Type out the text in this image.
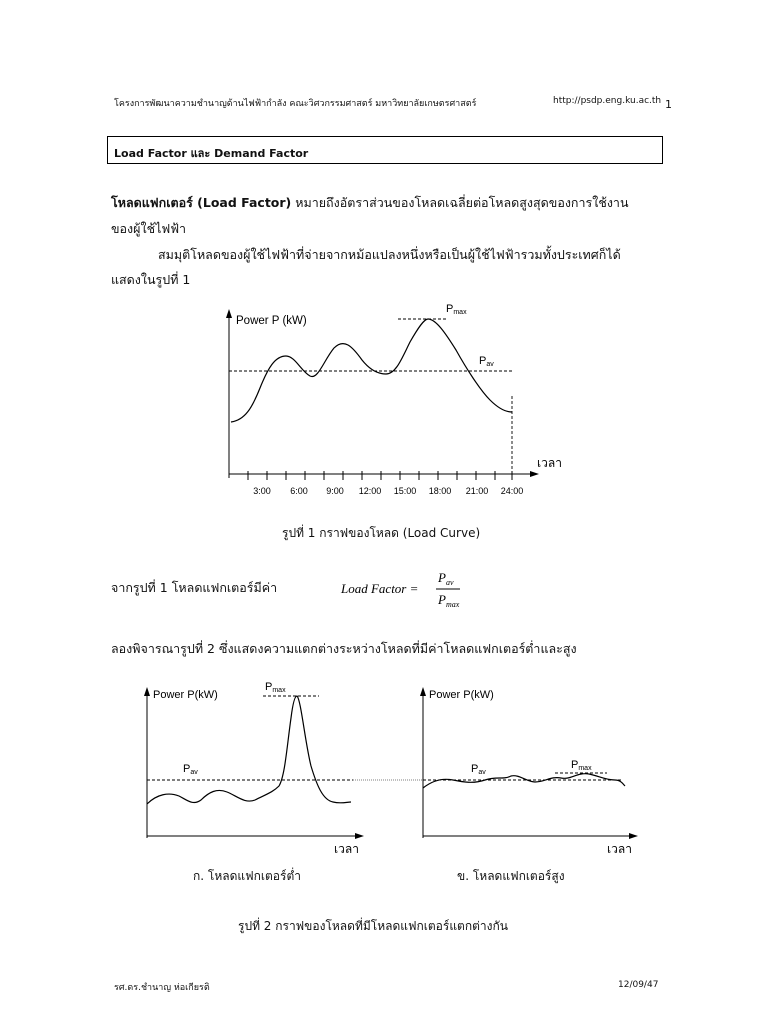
โครงการพัฒนาความชำนาญด้านไฟฟ้ากำลัง คณะวิศวกรรมศาสตร์ มหาวิทยาลัยเกษตรศาสตร์	http://psdp.eng.ku.ac.th 1
Load Factor และ Demand Factor
โหลดแฟกเตอร์ (Load Factor) หมายถึงอัตราส่วนของโหลดเฉลี่ยต่อโหลดสูงสุดของการใช้งาน
ของผู้ใช้ไฟฟ้า
สมมุติโหลดของผู้ใช้ไฟฟ้าที่จ่ายจากหม้อแปลงหนึ่งหรือเป็นผู้ใช้ไฟฟ้ารวมทั้งประเทศก็ได้
แสดงในรูปที่ 1
3:00 6:00 9:00 12:00 15:00 18:00 21:00 24:00
Power P (kW)
เวลา
Pmax
Pav
รูปที่ 1 กราฟของโหลด (Load Curve)
จากรูปที่ 1 โหลดแฟกเตอร์มีค่า	Load Factor =
$P_{av}$
$P_{max}$
ลองพิจารณารูปที่ 2 ซึ่งแสดงความแตกต่างระหว่างโหลดที่มีค่าโหลดแฟกเตอร์ต่ำและสูง
Power P(kW)
เวลา
Pmax
Pav
Power P(kW)
เวลา
Pmax
Pav
ก. โหลดแฟกเตอร์ต่ำ	ข. โหลดแฟกเตอร์สูง
รูปที่ 2 กราฟของโหลดที่มีโหลดแฟกเตอร์แตกต่างกัน
รศ.ดร.ชำนาญ ห่อเกียรติ	12/09/47
